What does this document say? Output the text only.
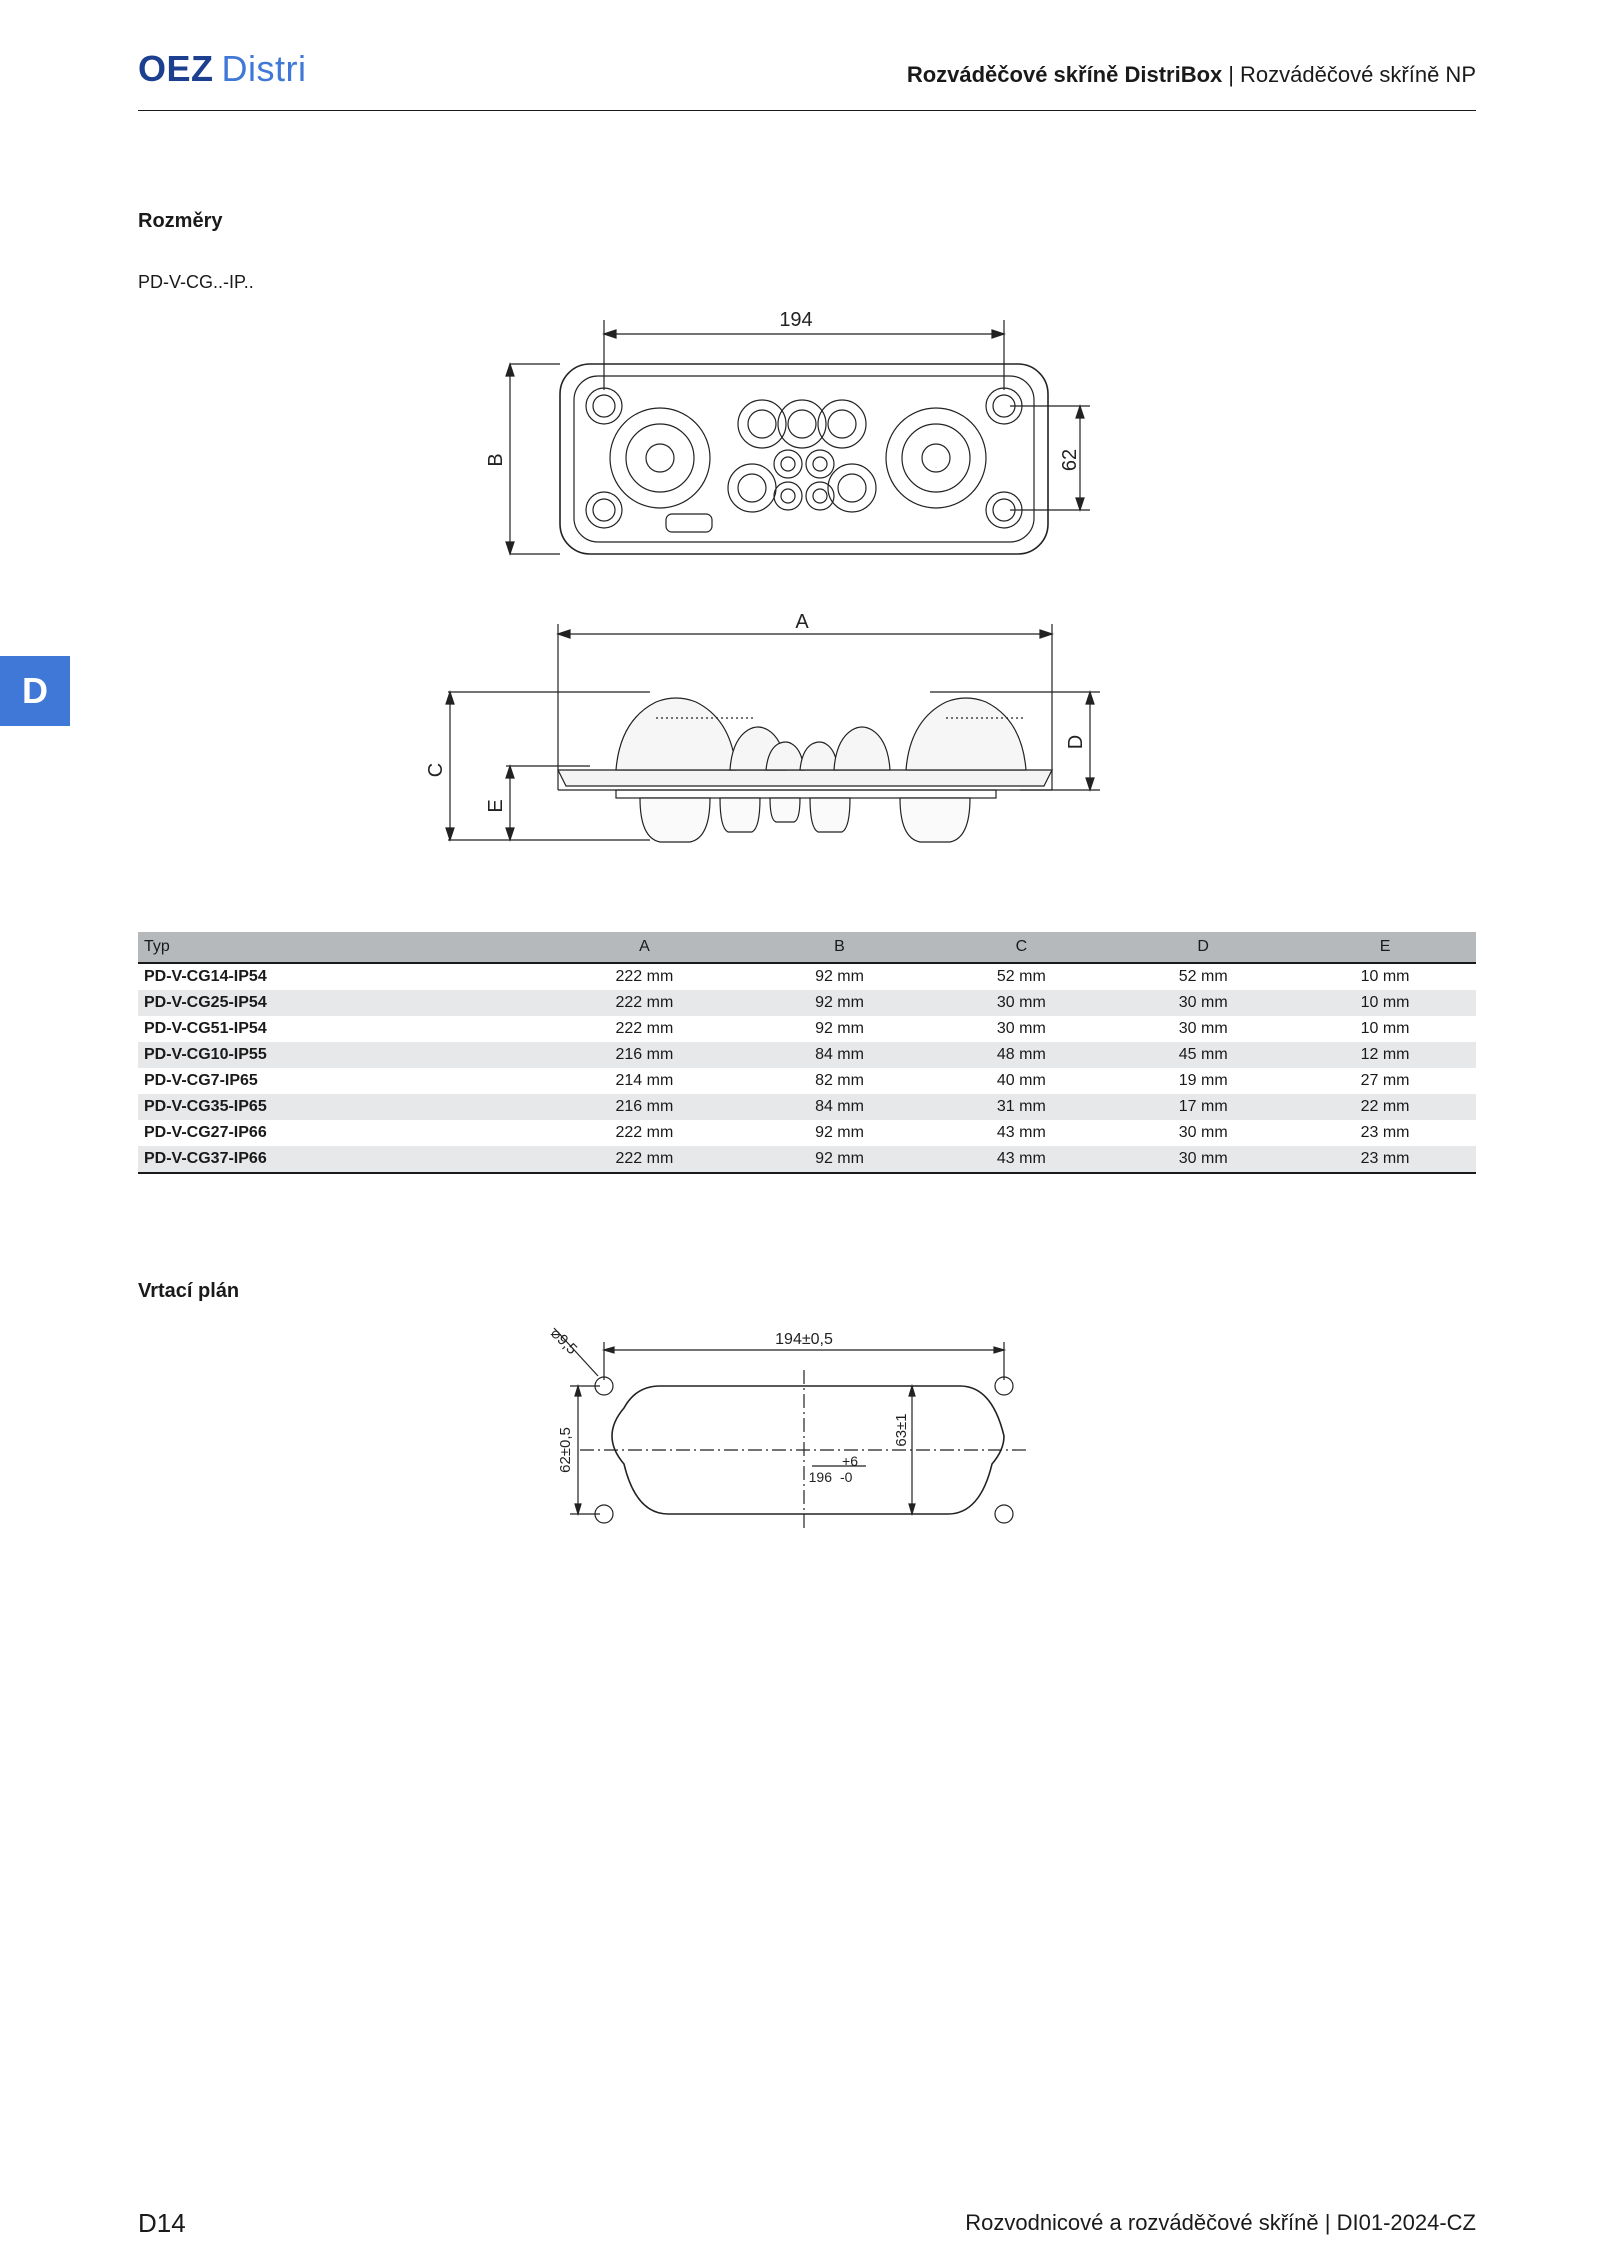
OEZ Distri	Rozváděčové skříně DistriBox | Rozváděčové skříně NP
D
Rozměry
PD-V-CG..-IP..
194
B	62
A
C
E
D
Typ	A	B	C	D	E
PD-V-CG14-IP54	222 mm	92 mm	52 mm	52 mm	10 mm
PD-V-CG25-IP54	222 mm	92 mm	30 mm	30 mm	10 mm
PD-V-CG51-IP54	222 mm	92 mm	30 mm	30 mm	10 mm
PD-V-CG10-IP55	216 mm	84 mm	48 mm	45 mm	12 mm
PD-V-CG7-IP65	214 mm	82 mm	40 mm	19 mm	27 mm
PD-V-CG35-IP65	216 mm	84 mm	31 mm	17 mm	22 mm
PD-V-CG27-IP66	222 mm	92 mm	43 mm	30 mm	23 mm
PD-V-CG37-IP66	222 mm	92 mm	43 mm	30 mm	23 mm
Vrtací plán
⌀9,5	194±0,5
62±0,5	63±1
+6
196 -0
D14	Rozvodnicové a rozváděčové skříně | DI01-2024-CZ
